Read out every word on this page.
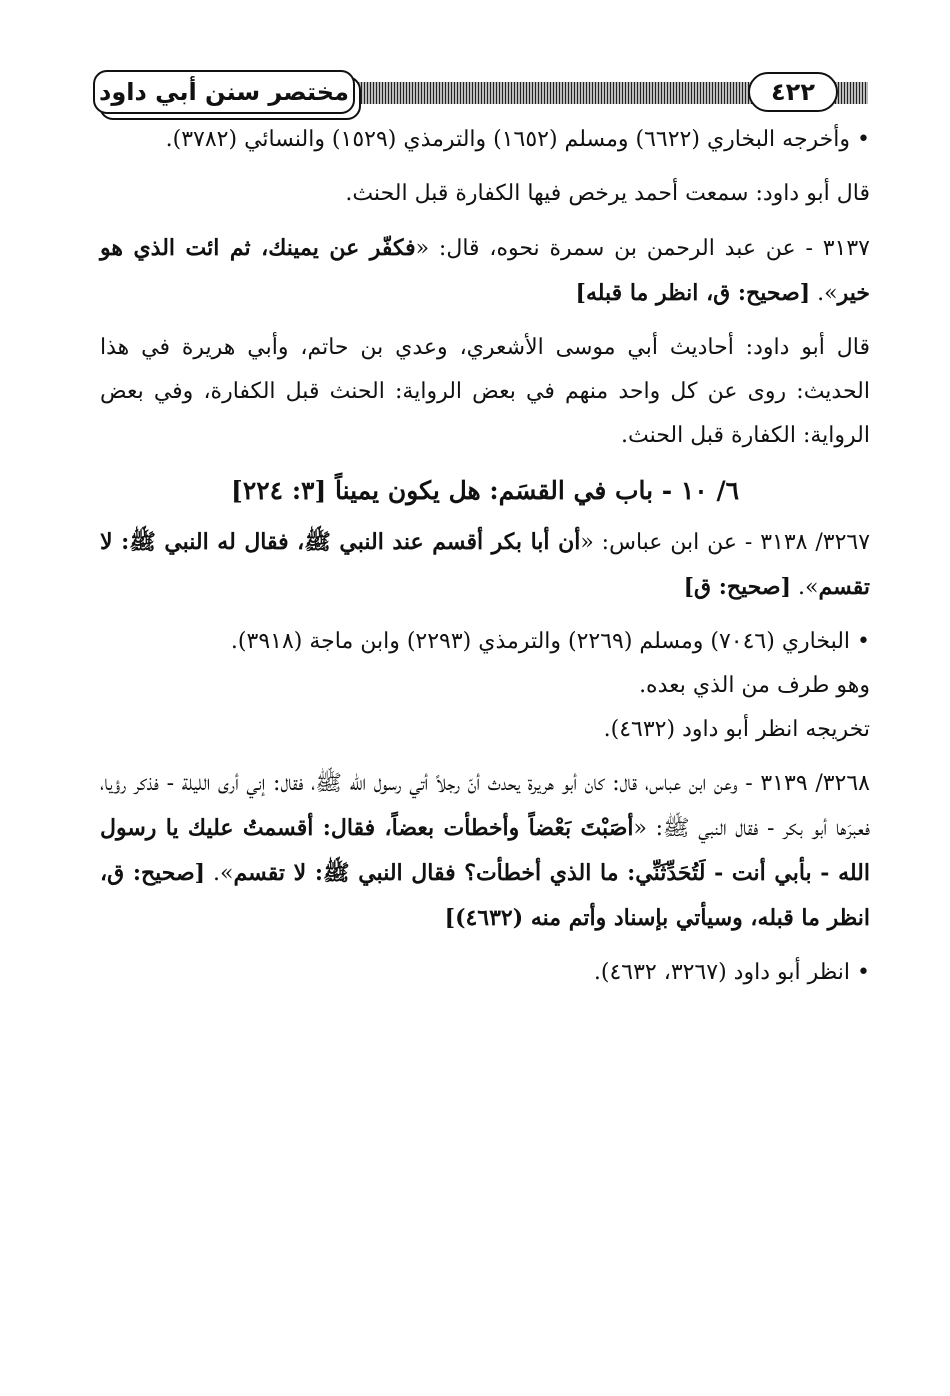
مختصر سنن أبي داود	٤٢٢

• وأخرجه البخاري (٦٦٢٢) ومسلم (١٦٥٢) والترمذي (١٥٢٩) والنسائي (٣٧٨٢).

قال أبو داود: سمعت أحمد يرخص فيها الكفارة قبل الحنث.

٣١٣٧ - عن عبد الرحمن بن سمرة نحوه، قال: «فكفّر عن يمينك، ثم ائت الذي هو خير». [صحيح: ق، انظر ما قبله]

قال أبو داود: أحاديث أبي موسى الأشعري، وعدي بن حاتم، وأبي هريرة في هذا الحديث: روى عن كل واحد منهم في بعض الرواية: الحنث قبل الكفارة، وفي بعض الرواية: الكفارة قبل الحنث.

٦/ ١٠ - باب في القسَم: هل يكون يميناً [٣: ٢٢٤]

٣٢٦٧/ ٣١٣٨ - عن ابن عباس: «أن أبا بكر أقسم عند النبي ﷺ، فقال له النبي ﷺ: لا تقسم». [صحيح: ق]

• البخاري (٧٠٤٦) ومسلم (٢٢٦٩) والترمذي (٢٢٩٣) وابن ماجة (٣٩١٨).

وهو طرف من الذي بعده.

تخريجه انظر أبو داود (٤٦٣٢).

٣٢٦٨/ ٣١٣٩ - وعن ابن عباس، قال: كان أبو هريرة يحدث أنّ رجلاً أتي رسول الله ﷺ، فقال: إني أرى الليلة - فذكر رؤيا، فعبرَها أبو بكر - فقال النبي ﷺ: «أصَبْتَ بَعْضاً وأخطأت بعضاً، فقال: أقسمتُ عليك يا رسول الله - بأبي أنت - لَتُحَدِّثَنِّي: ما الذي أخطأت؟ فقال النبي ﷺ: لا تقسم». [صحيح: ق، انظر ما قبله، وسيأتي بإسناد وأتم منه (٤٦٣٢)]

• انظر أبو داود (٣٢٦٧، ٤٦٣٢).
